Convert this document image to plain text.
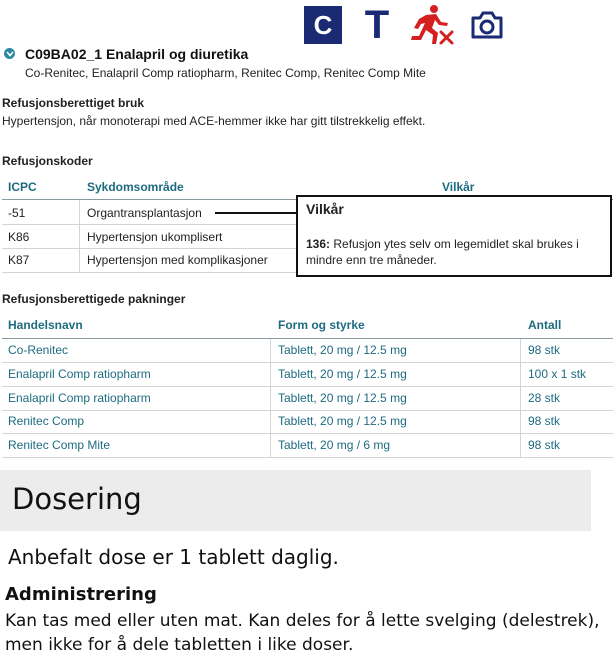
C T
C09BA02_1 Enalapril og diuretika
Co-Renitec, Enalapril Comp ratiopharm, Renitec Comp, Renitec Comp Mite
Refusjonsberettiget bruk
Hypertensjon, når monoterapi med ACE-hemmer ikke har gitt tilstrekkelig effekt.
Refusjonskoder
ICPC	Sykdomsområde	Vilkår
-51	Organtransplantasjon
K86	Hypertensjon ukomplisert
K87	Hypertensjon med komplikasjoner
Vilkår
136: Refusjon ytes selv om legemidlet skal brukes i mindre enn tre måneder.
Refusjonsberettigede pakninger
Handelsnavn	Form og styrke	Antall
Co-Renitec	Tablett, 20 mg / 12.5 mg	98 stk
Enalapril Comp ratiopharm	Tablett, 20 mg / 12.5 mg	100 x 1 stk
Enalapril Comp ratiopharm	Tablett, 20 mg / 12.5 mg	28 stk
Renitec Comp	Tablett, 20 mg / 12.5 mg	98 stk
Renitec Comp Mite	Tablett, 20 mg / 6 mg	98 stk
Dosering
Anbefalt dose er 1 tablett daglig.
Administrering
Kan tas med eller uten mat. Kan deles for å lette svelging (delestrek), men ikke for å dele tabletten i like doser.
